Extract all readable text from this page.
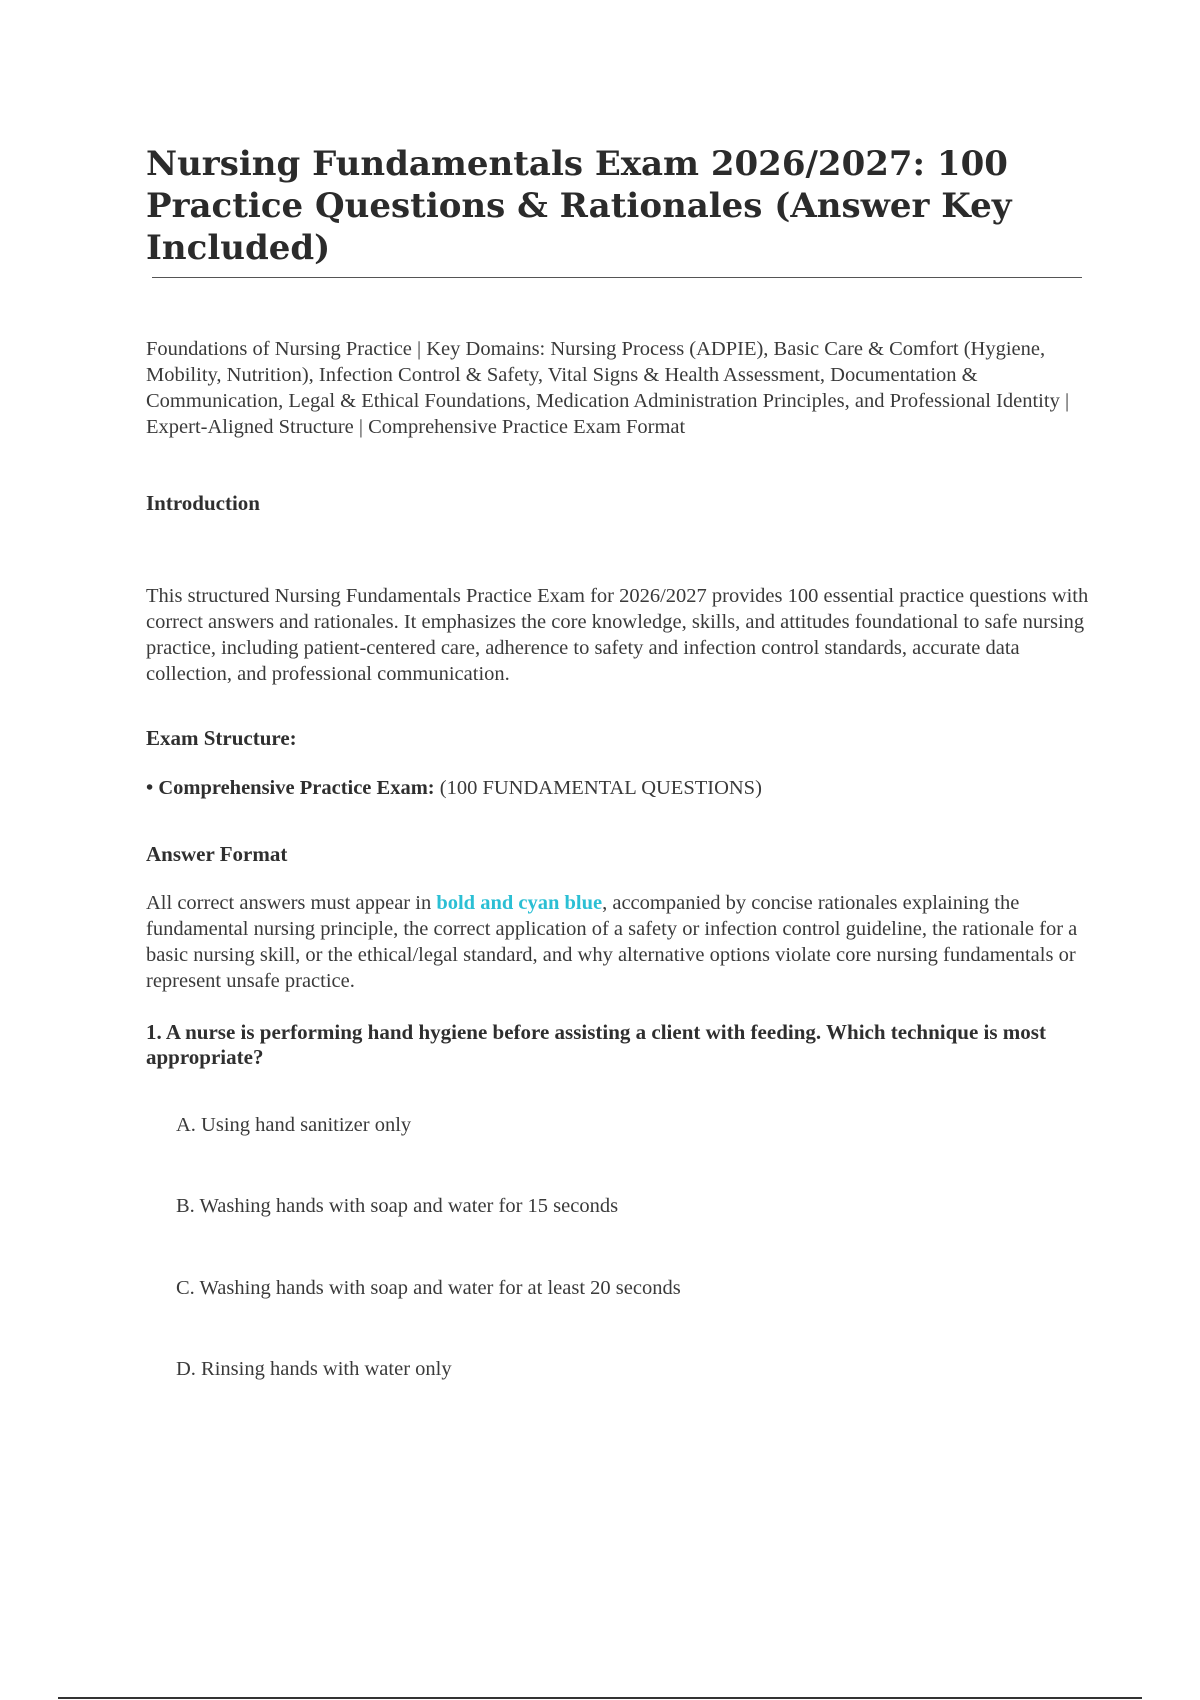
Nursing Fundamentals Exam 2026/2027: 100 Practice Questions & Rationales (Answer Key Included)

Foundations of Nursing Practice | Key Domains: Nursing Process (ADPIE), Basic Care & Comfort (Hygiene, Mobility, Nutrition), Infection Control & Safety, Vital Signs & Health Assessment, Documentation & Communication, Legal & Ethical Foundations, Medication Administration Principles, and Professional Identity | Expert-Aligned Structure | Comprehensive Practice Exam Format

Introduction

This structured Nursing Fundamentals Practice Exam for 2026/2027 provides 100 essential practice questions with correct answers and rationales. It emphasizes the core knowledge, skills, and attitudes foundational to safe nursing practice, including patient-centered care, adherence to safety and infection control standards, accurate data collection, and professional communication.

Exam Structure:

• Comprehensive Practice Exam: (100 FUNDAMENTAL QUESTIONS)

Answer Format

All correct answers must appear in bold and cyan blue, accompanied by concise rationales explaining the fundamental nursing principle, the correct application of a safety or infection control guideline, the rationale for a basic nursing skill, or the ethical/legal standard, and why alternative options violate core nursing fundamentals or represent unsafe practice.

1. A nurse is performing hand hygiene before assisting a client with feeding. Which technique is most appropriate?

A. Using hand sanitizer only

B. Washing hands with soap and water for 15 seconds

C. Washing hands with soap and water for at least 20 seconds

D. Rinsing hands with water only
